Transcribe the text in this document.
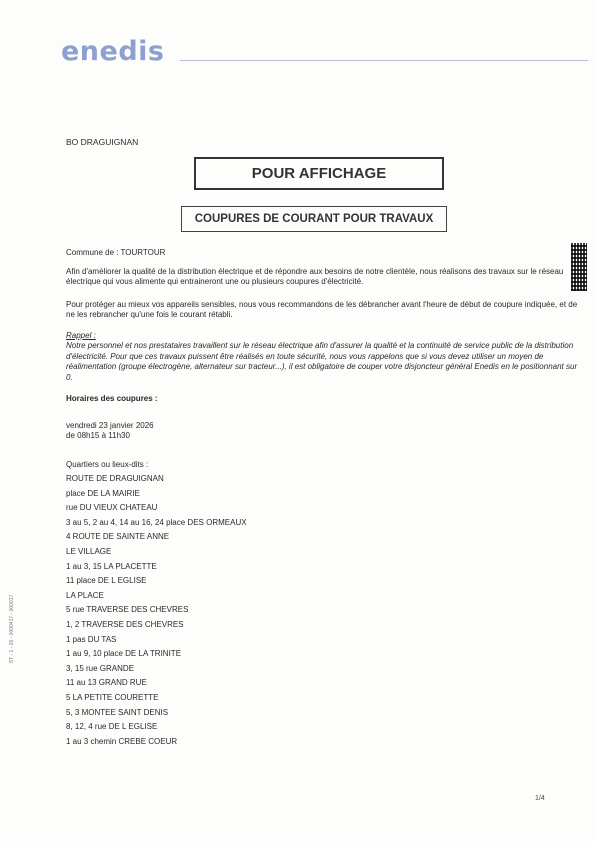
enedis
BO DRAGUIGNAN
POUR AFFICHAGE
COUPURES DE COURANT POUR TRAVAUX

Commune de : TOURTOUR

Afin d'améliorer la qualité de la distribution électrique et de répondre aux besoins de notre clientèle, nous réalisons des travaux sur le réseau électrique qui vous alimente qui entraineront une ou plusieurs coupures d'électricité.

Pour protéger au mieux vos appareils sensibles, nous vous recommandons de les débrancher avant l'heure de début de coupure indiquée, et de ne les rebrancher qu'une fois le courant rétabli.

Rappel :

Notre personnel et nos prestataires travaillent sur le réseau électrique afin d'assurer la qualité et la continuité de service public de la distribution d'électricité. Pour que ces travaux puissent être réalisés en toute sécurité, nous vous rappelons que si vous devez utiliser un moyen de réalimentation (groupe électrogène, alternateur sur tracteur...), il est obligatoire de couper votre disjoncteur général Enedis en le positionnant sur 0.

Horaires des coupures :

vendredi 23 janvier 2026

de 08h15 à 11h30

Quartiers ou lieux-dits :
ROUTE DE DRAGUIGNAN
place DE LA MAIRIE
rue DU VIEUX CHATEAU
3 au 5, 2 au 4, 14 au 16, 24 place DES ORMEAUX
4 ROUTE DE SAINTE ANNE
LE VILLAGE
1 au 3, 15 LA PLACETTE
11 place DE L EGLISE
LA PLACE
5 rue TRAVERSE DES CHEVRES
1, 2 TRAVERSE DES CHEVRES
1 pas DU TAS
1 au 9, 10 place DE LA TRINITE
3, 15 rue GRANDE
11 au 13 GRAND RUE
5 LA PETITE COURETTE
5, 3 MONTEE SAINT DENIS
8, 12, 4 rue DE L EGLISE
1 au 3 chemin CREBE COEUR
ST - 1 - 26 - 0000417 - 000017
1/4
